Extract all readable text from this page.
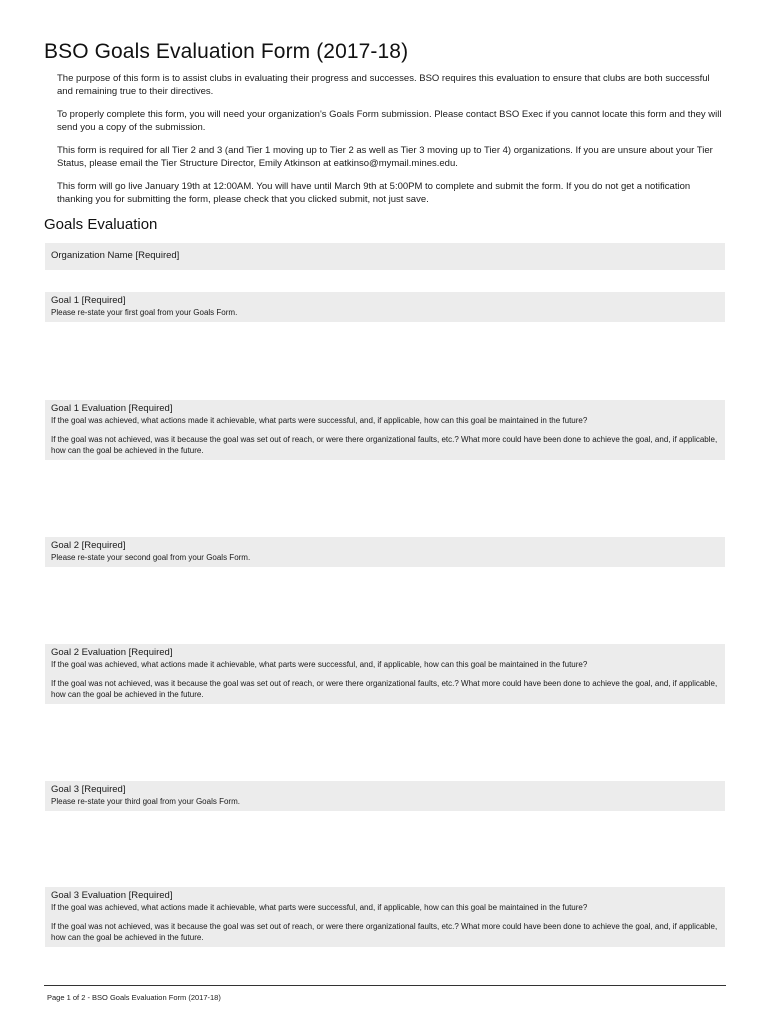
BSO Goals Evaluation Form (2017-18)

The purpose of this form is to assist clubs in evaluating their progress and successes. BSO requires this evaluation to ensure that clubs are both successful and remaining true to their directives.

To properly complete this form, you will need your organization's Goals Form submission. Please contact BSO Exec if you cannot locate this form and they will send you a copy of the submission.

This form is required for all Tier 2 and 3 (and Tier 1 moving up to Tier 2 as well as Tier 3 moving up to Tier 4) organizations. If you are unsure about your Tier Status, please email the Tier Structure Director, Emily Atkinson at eatkinso@mymail.mines.edu.

This form will go live January 19th at 12:00AM. You will have until March 9th at 5:00PM to complete and submit the form. If you do not get a notification thanking you for submitting the form, please check that you clicked submit, not just save.

Goals Evaluation
Organization Name [Required]
Goal 1 [Required]
Please re-state your first goal from your Goals Form.
Goal 1 Evaluation [Required]
If the goal was achieved, what actions made it achievable, what parts were successful, and, if applicable, how can this goal be maintained in the future?
If the goal was not achieved, was it because the goal was set out of reach, or were there organizational faults, etc.? What more could have been done to achieve the goal, and, if applicable, how can the goal be achieved in the future.
Goal 2 [Required]
Please re-state your second goal from your Goals Form.
Goal 2 Evaluation [Required]
If the goal was achieved, what actions made it achievable, what parts were successful, and, if applicable, how can this goal be maintained in the future?
If the goal was not achieved, was it because the goal was set out of reach, or were there organizational faults, etc.? What more could have been done to achieve the goal, and, if applicable, how can the goal be achieved in the future.
Goal 3 [Required]
Please re-state your third goal from your Goals Form.
Goal 3 Evaluation [Required]
If the goal was achieved, what actions made it achievable, what parts were successful, and, if applicable, how can this goal be maintained in the future?
If the goal was not achieved, was it because the goal was set out of reach, or were there organizational faults, etc.? What more could have been done to achieve the goal, and, if applicable, how can the goal be achieved in the future.
Page 1 of 2 - BSO Goals Evaluation Form (2017-18)
